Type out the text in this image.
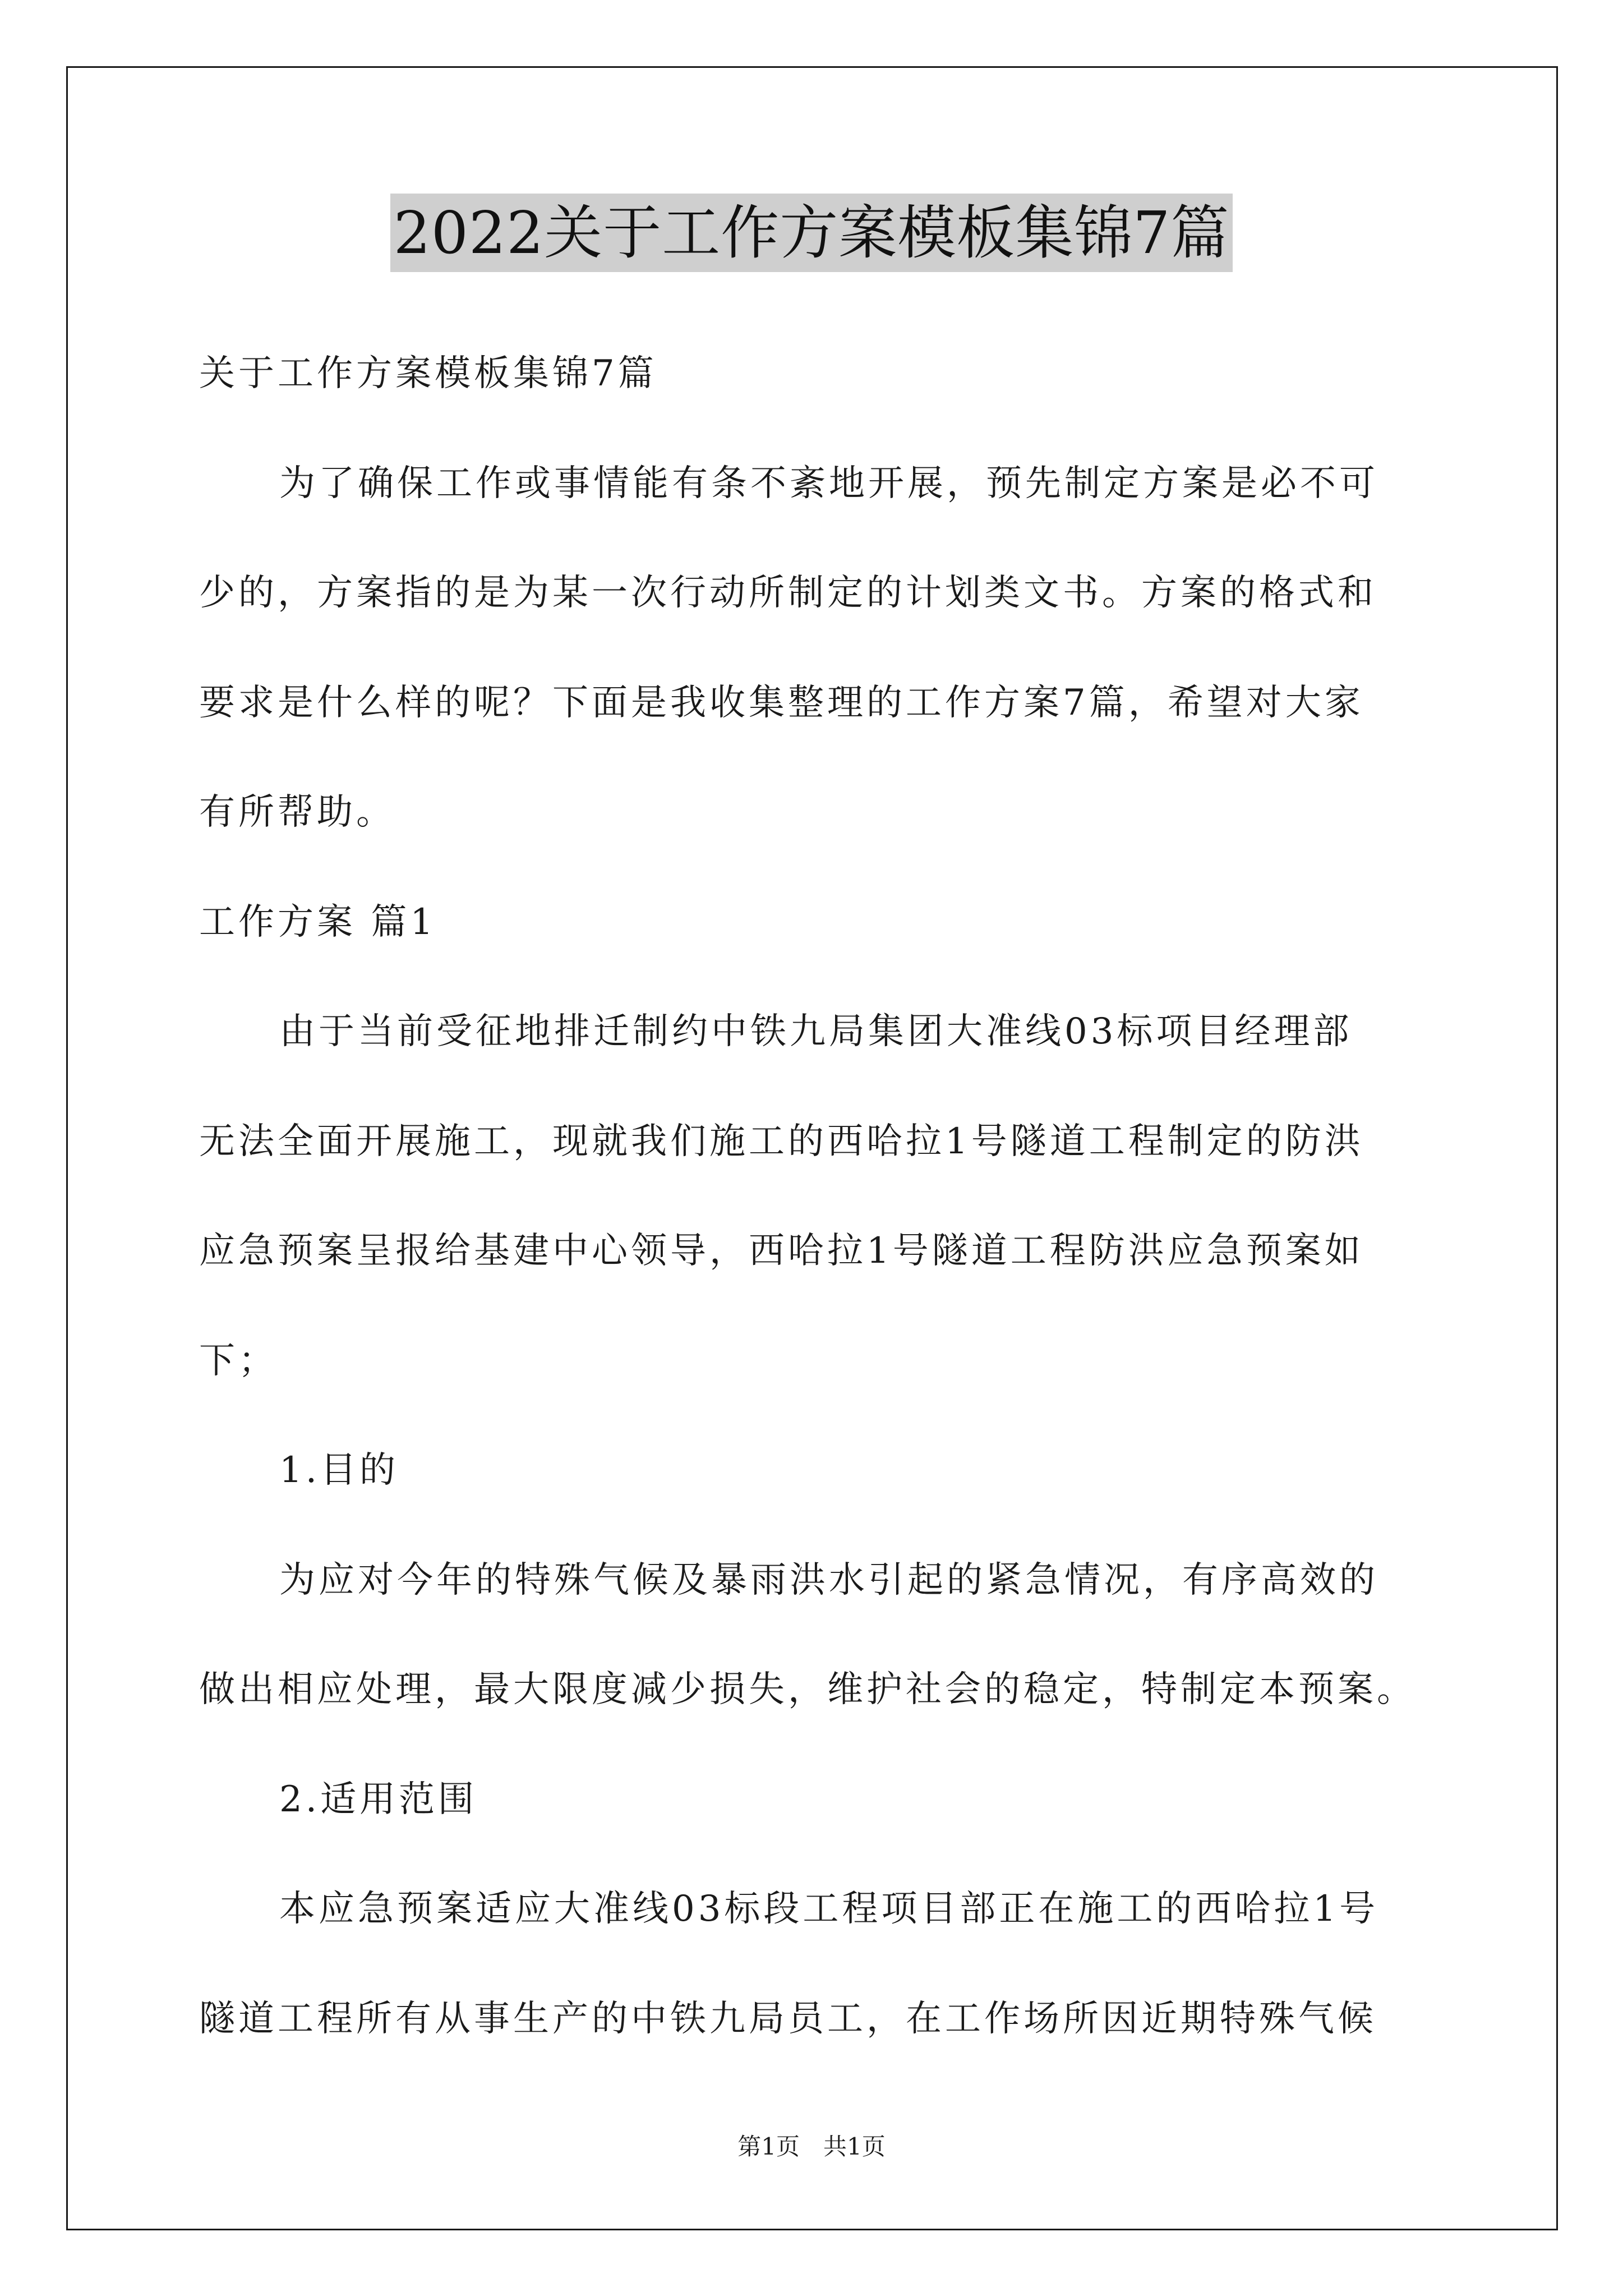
2022关于工作方案模板集锦7篇
关于工作方案模板集锦7篇
为了确保工作或事情能有条不紊地开展，预先制定方案是必不可
少的，方案指的是为某一次行动所制定的计划类文书。方案的格式和
要求是什么样的呢？下面是我收集整理的工作方案7篇，希望对大家
有所帮助。
工作方案 篇1
由于当前受征地排迁制约中铁九局集团大准线03标项目经理部
无法全面开展施工，现就我们施工的西哈拉1号隧道工程制定的防洪
应急预案呈报给基建中心领导，西哈拉1号隧道工程防洪应急预案如
下；
1.目的
为应对今年的特殊气候及暴雨洪水引起的紧急情况，有序高效的
做出相应处理，最大限度减少损失，维护社会的稳定，特制定本预案。
2.适用范围
本应急预案适应大准线03标段工程项目部正在施工的西哈拉1号
隧道工程所有从事生产的中铁九局员工，在工作场所因近期特殊气候
第1页　共1页
